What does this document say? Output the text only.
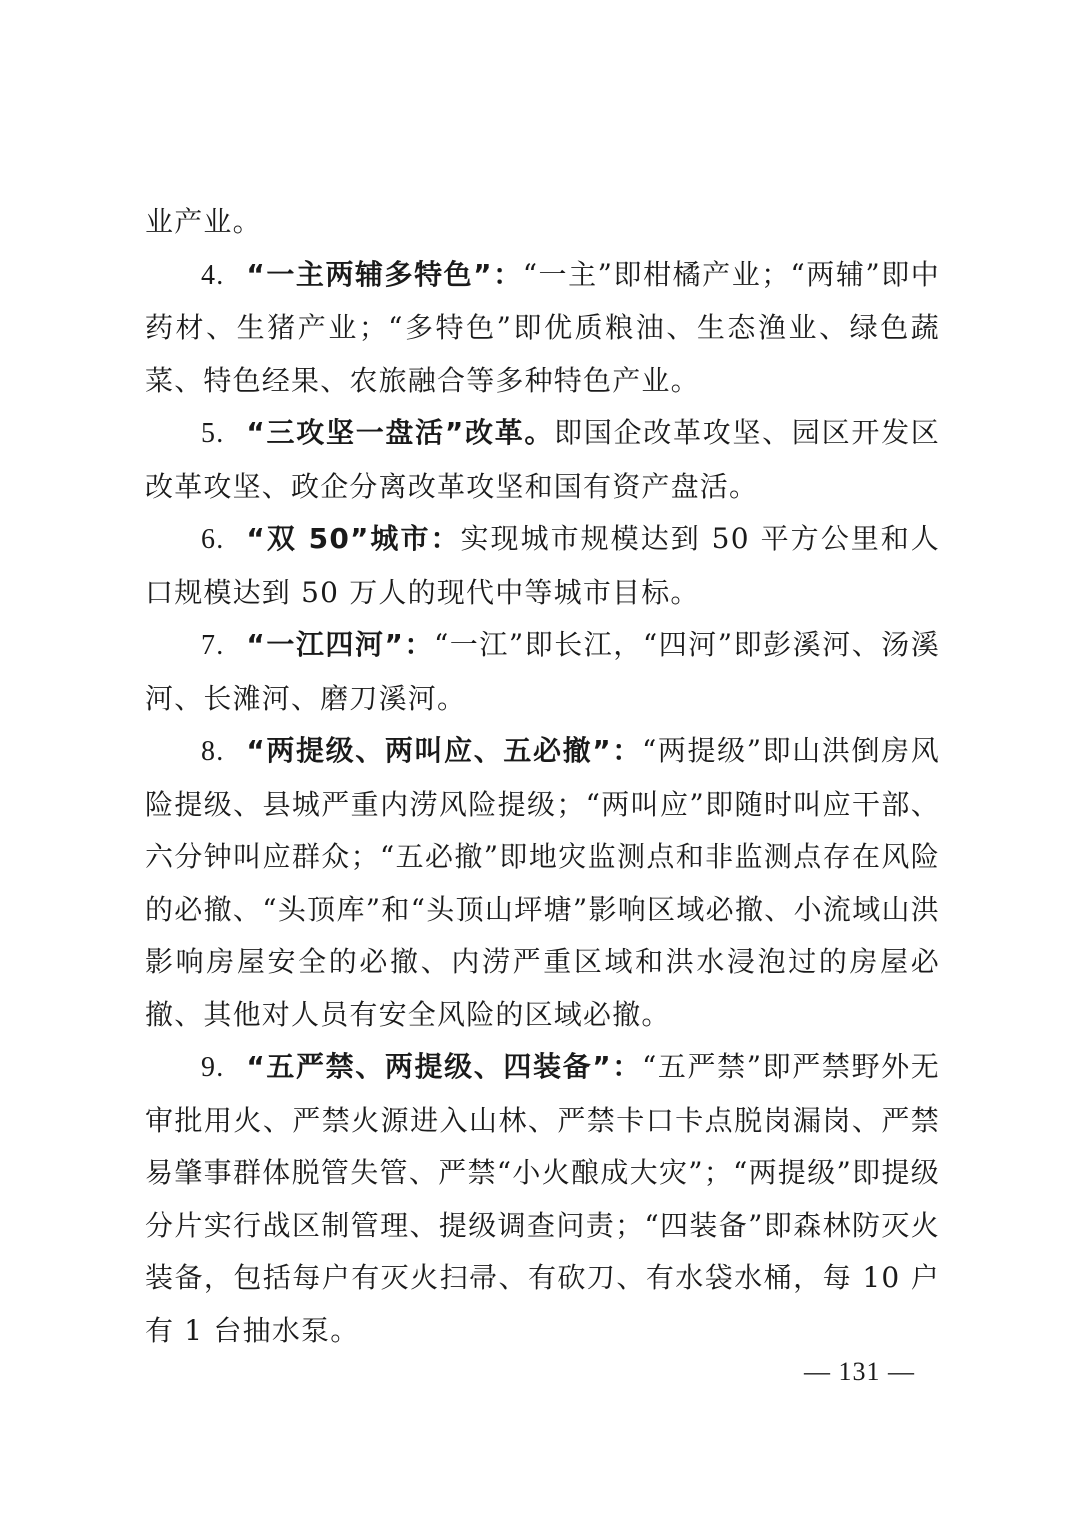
业产业。

4. “一主两辅多特色”：“一主”即柑橘产业；“两辅”即中药材、生猪产业；“多特色”即优质粮油、生态渔业、绿色蔬菜、特色经果、农旅融合等多种特色产业。

5. “三攻坚一盘活”改革。即国企改革攻坚、园区开发区改革攻坚、政企分离改革攻坚和国有资产盘活。

6. “双 50”城市：实现城市规模达到 50 平方公里和人口规模达到 50 万人的现代中等城市目标。

7. “一江四河”：“一江”即长江，“四河”即彭溪河、汤溪河、长滩河、磨刀溪河。

8. “两提级、两叫应、五必撤”：“两提级”即山洪倒房风险提级、县城严重内涝风险提级；“两叫应”即随时叫应干部、六分钟叫应群众；“五必撤”即地灾监测点和非监测点存在风险的必撤、“头顶库”和“头顶山坪塘”影响区域必撤、小流域山洪影响房屋安全的必撤、内涝严重区域和洪水浸泡过的房屋必撤、其他对人员有安全风险的区域必撤。

9. “五严禁、两提级、四装备”：“五严禁”即严禁野外无审批用火、严禁火源进入山林、严禁卡口卡点脱岗漏岗、严禁易肇事群体脱管失管、严禁“小火酿成大灾”；“两提级”即提级分片实行战区制管理、提级调查问责；“四装备”即森林防灭火装备，包括每户有灭火扫帚、有砍刀、有水袋水桶，每 10 户有 1 台抽水泵。

— 131 —
